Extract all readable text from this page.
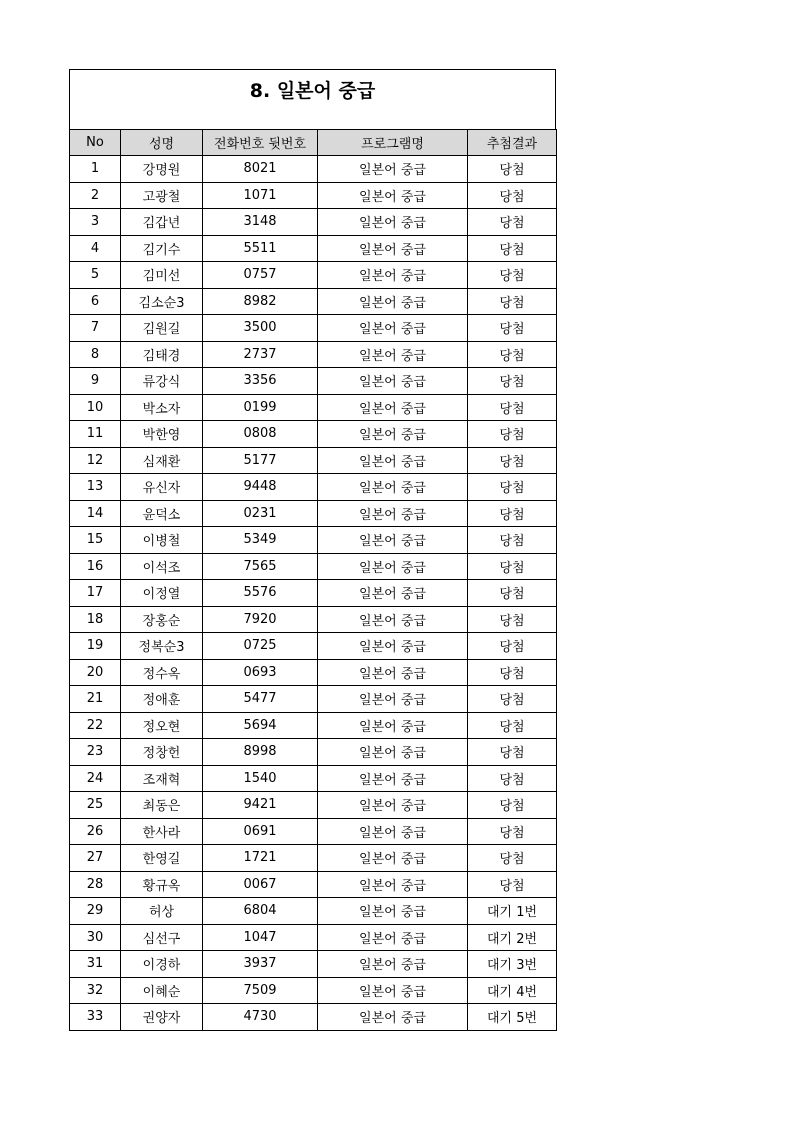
8. 일본어 중급
No	성명	전화번호 뒷번호	프로그램명	추첨결과
1	강명원	8021	일본어 중급	당첨
2	고광철	1071	일본어 중급	당첨
3	김갑년	3148	일본어 중급	당첨
4	김기수	5511	일본어 중급	당첨
5	김미선	0757	일본어 중급	당첨
6	김소순3	8982	일본어 중급	당첨
7	김원길	3500	일본어 중급	당첨
8	김태경	2737	일본어 중급	당첨
9	류강식	3356	일본어 중급	당첨
10	박소자	0199	일본어 중급	당첨
11	박한영	0808	일본어 중급	당첨
12	심재환	5177	일본어 중급	당첨
13	유신자	9448	일본어 중급	당첨
14	윤덕소	0231	일본어 중급	당첨
15	이병철	5349	일본어 중급	당첨
16	이석조	7565	일본어 중급	당첨
17	이정열	5576	일본어 중급	당첨
18	장홍순	7920	일본어 중급	당첨
19	정복순3	0725	일본어 중급	당첨
20	정수옥	0693	일본어 중급	당첨
21	정애훈	5477	일본어 중급	당첨
22	정오현	5694	일본어 중급	당첨
23	정창헌	8998	일본어 중급	당첨
24	조재혁	1540	일본어 중급	당첨
25	최동은	9421	일본어 중급	당첨
26	한사라	0691	일본어 중급	당첨
27	한영길	1721	일본어 중급	당첨
28	황규옥	0067	일본어 중급	당첨
29	허상	6804	일본어 중급	대기 1번
30	심선구	1047	일본어 중급	대기 2번
31	이경하	3937	일본어 중급	대기 3번
32	이혜순	7509	일본어 중급	대기 4번
33	권양자	4730	일본어 중급	대기 5번
